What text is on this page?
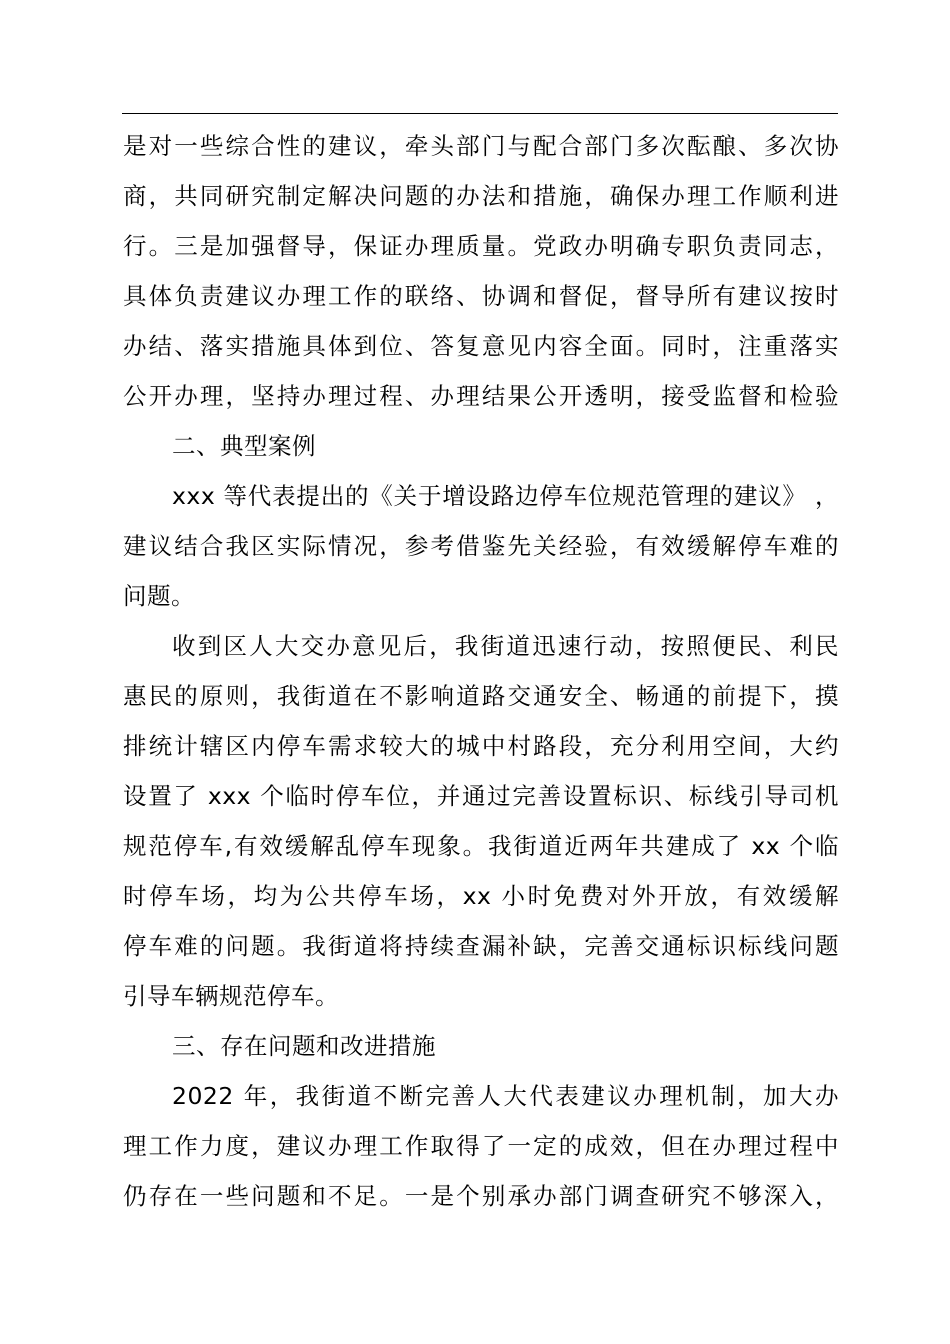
是对一些综合性的建议，牵头部门与配合部门多次酝酿、多次协
商，共同研究制定解决问题的办法和措施，确保办理工作顺利进
行。三是加强督导，保证办理质量。党政办明确专职负责同志，
具体负责建议办理工作的联络、协调和督促，督导所有建议按时
办结、落实措施具体到位、答复意见内容全面。同时，注重落实
公开办理，坚持办理过程、办理结果公开透明，接受监督和检验
二、典型案例
xxx 等代表提出的《关于增设路边停车位规范管理的建议》 ，
建议结合我区实际情况，参考借鉴先关经验，有效缓解停车难的
问题。
收到区人大交办意见后，我街道迅速行动，按照便民、利民
惠民的原则，我街道在不影响道路交通安全、畅通的前提下，摸
排统计辖区内停车需求较大的城中村路段，充分利用空间，大约
设置了 xxx 个临时停车位，并通过完善设置标识、标线引导司机
规范停车,有效缓解乱停车现象。我街道近两年共建成了 xx 个临
时停车场，均为公共停车场，xx 小时免费对外开放，有效缓解
停车难的问题。我街道将持续查漏补缺，完善交通标识标线问题
引导车辆规范停车。
三、存在问题和改进措施
2022 年，我街道不断完善人大代表建议办理机制，加大办
理工作力度，建议办理工作取得了一定的成效，但在办理过程中
仍存在一些问题和不足。一是个别承办部门调查研究不够深入，
